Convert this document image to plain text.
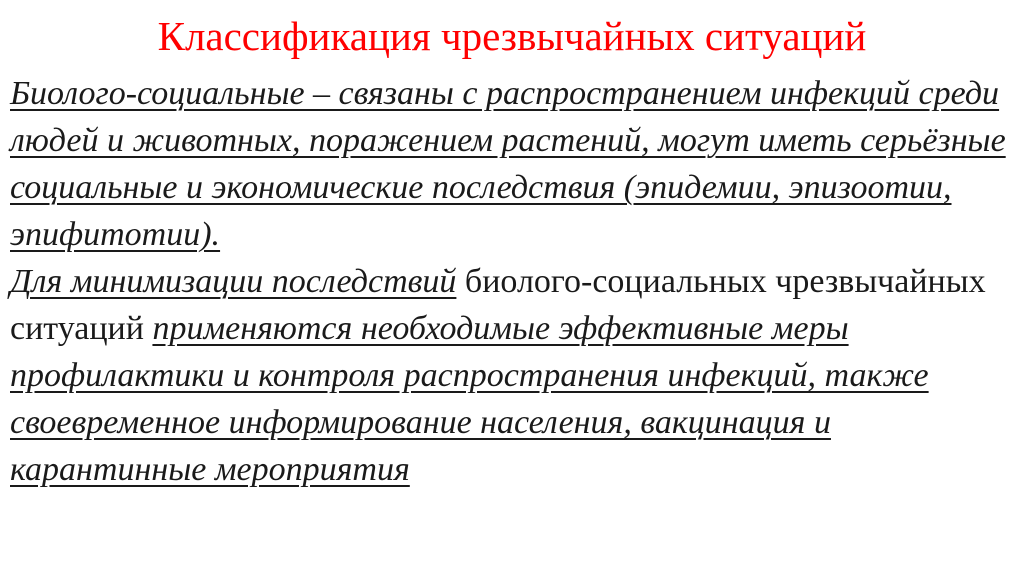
Классификация чрезвычайных ситуаций

Биолого-социальные – связаны с распространением инфекций среди людей и животных, поражением растений, могут иметь серьёзные социальные и экономические последствия (эпидемии, эпизоотии, эпифитотии).

Для минимизации последствий биолого-социальных чрезвычайных ситуаций применяются необходимые эффективные меры профилактики и контроля распространения инфекций, также своевременное информирование населения, вакцинация и карантинные мероприятия
